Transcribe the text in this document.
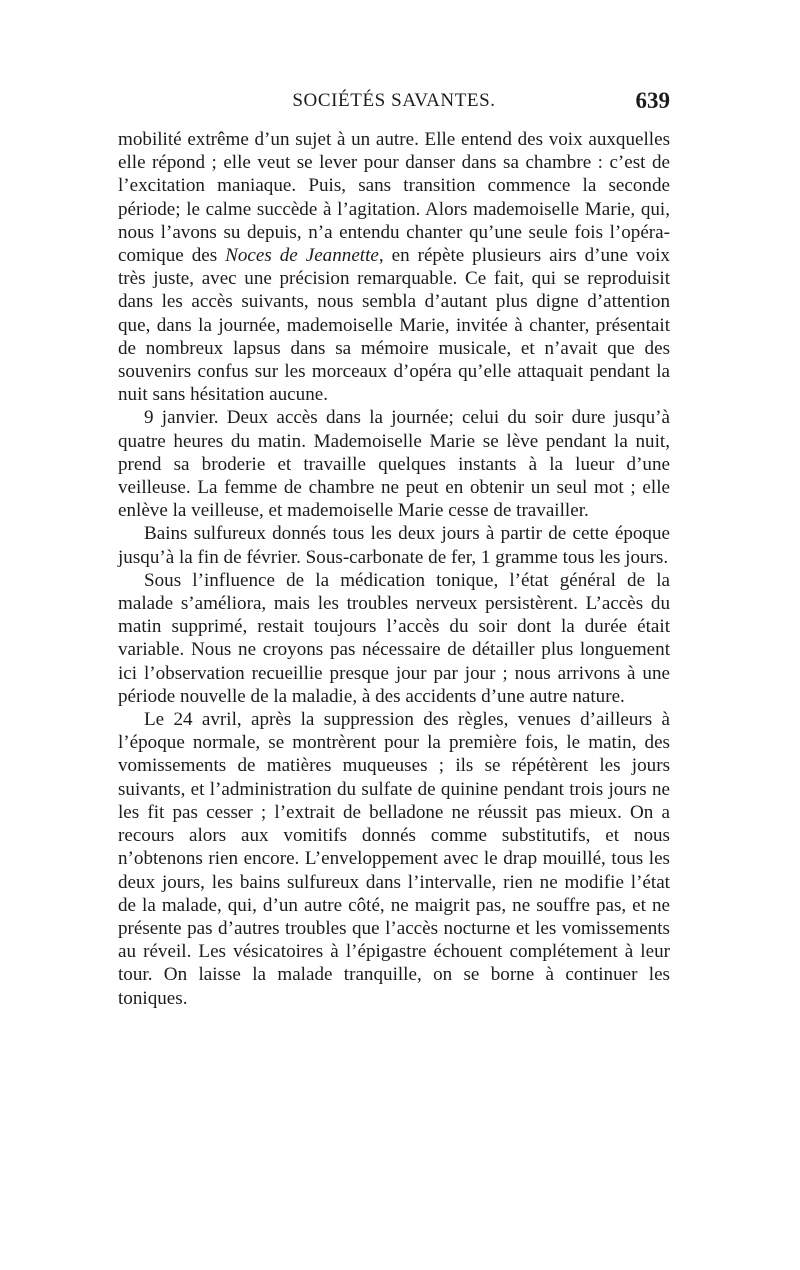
SOCIÉTÉS SAVANTES.	639

mobilité extrême d’un sujet à un autre. Elle entend des voix auxquelles elle répond ; elle veut se lever pour danser dans sa chambre : c’est de l’excitation maniaque. Puis, sans transition commence la seconde période; le calme succède à l’agitation. Alors mademoiselle Marie, qui, nous l’avons su depuis, n’a entendu chanter qu’une seule fois l’opéra-comique des Noces de Jeannette, en répète plusieurs airs d’une voix très juste, avec une précision remarquable. Ce fait, qui se reproduisit dans les accès suivants, nous sembla d’autant plus digne d’attention que, dans la journée, mademoiselle Marie, invitée à chanter, présentait de nombreux lapsus dans sa mémoire musicale, et n’avait que des souvenirs confus sur les morceaux d’opéra qu’elle attaquait pendant la nuit sans hésitation aucune.

9 janvier. Deux accès dans la journée; celui du soir dure jusqu’à quatre heures du matin. Mademoiselle Marie se lève pendant la nuit, prend sa broderie et travaille quelques instants à la lueur d’une veilleuse. La femme de chambre ne peut en obtenir un seul mot ; elle enlève la veilleuse, et mademoiselle Marie cesse de travailler.

Bains sulfureux donnés tous les deux jours à partir de cette époque jusqu’à la fin de février. Sous-carbonate de fer, 1 gramme tous les jours.

Sous l’influence de la médication tonique, l’état général de la malade s’améliora, mais les troubles nerveux persistèrent. L’accès du matin supprimé, restait toujours l’accès du soir dont la durée était variable. Nous ne croyons pas nécessaire de détailler plus longuement ici l’observation recueillie presque jour par jour ; nous arrivons à une période nouvelle de la maladie, à des accidents d’une autre nature.

Le 24 avril, après la suppression des règles, venues d’ailleurs à l’époque normale, se montrèrent pour la première fois, le matin, des vomissements de matières muqueuses ; ils se répétèrent les jours suivants, et l’administration du sulfate de quinine pendant trois jours ne les fit pas cesser ; l’extrait de belladone ne réussit pas mieux. On a recours alors aux vomitifs donnés comme substitutifs, et nous n’obtenons rien encore. L’enveloppement avec le drap mouillé, tous les deux jours, les bains sulfureux dans l’intervalle, rien ne modifie l’état de la malade, qui, d’un autre côté, ne maigrit pas, ne souffre pas, et ne présente pas d’autres troubles que l’accès nocturne et les vomissements au réveil. Les vésicatoires à l’épigastre échouent complétement à leur tour. On laisse la malade tranquille, on se borne à continuer les toniques.
